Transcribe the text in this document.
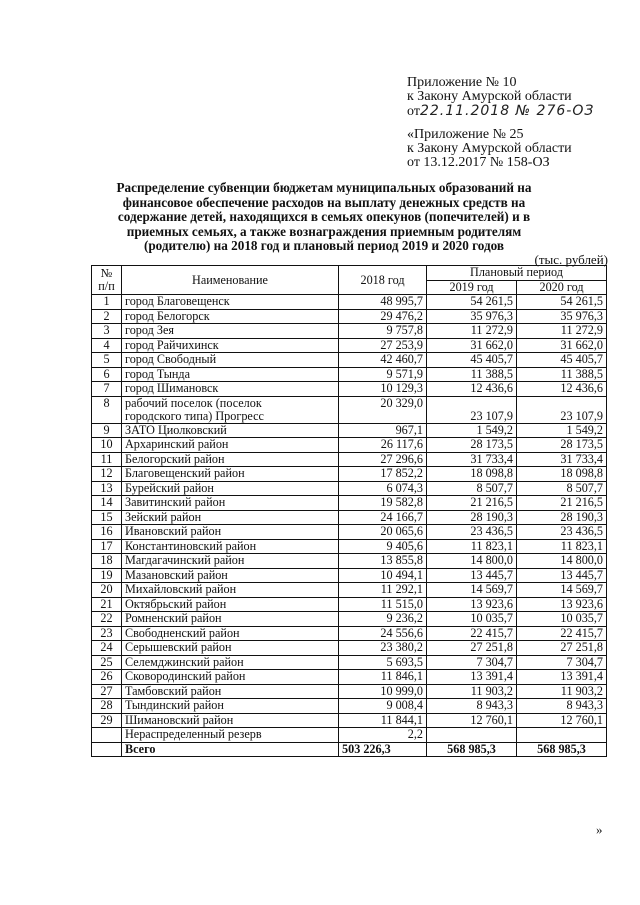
Приложение № 10
к Закону Амурской области
от22.11.2018 № 276-ОЗ
«Приложение № 25
к Закону Амурской области
от 13.12.2017 № 158-ОЗ
Распределение субвенции бюджетам муниципальных образований на
финансовое обеспечение расходов на выплату денежных средств на
содержание детей, находящихся в семьях опекунов (попечителей) и в
приемных семьях, а также вознаграждения приемным родителям
(родителю) на 2018 год и плановый период 2019 и 2020 годов
(тыс. рублей)
№
п/п	Наименование	2018 год	Плановый период	
			2019 год	2020 год
1	город Благовещенск	48 995,7	54 261,5	54 261,5
2	город Белогорск	29 476,2	35 976,3	35 976,3
3	город Зея	9 757,8	11 272,9	11 272,9
4	город Райчихинск	27 253,9	31 662,0	31 662,0
5	город Свободный	42 460,7	45 405,7	45 405,7
6	город Тында	9 571,9	11 388,5	11 388,5
7	город Шимановск	10 129,3	12 436,6	12 436,6
8	рабочий поселок (поселок
городского типа) Прогресс	20 329,0	23 107,9	23 107,9
9	ЗАТО Циолковский	967,1	1 549,2	1 549,2
10	Архаринский район	26 117,6	28 173,5	28 173,5
11	Белогорский район	27 296,6	31 733,4	31 733,4
12	Благовещенский район	17 852,2	18 098,8	18 098,8
13	Бурейский район	6 074,3	8 507,7	8 507,7
14	Завитинский район	19 582,8	21 216,5	21 216,5
15	Зейский район	24 166,7	28 190,3	28 190,3
16	Ивановский район	20 065,6	23 436,5	23 436,5
17	Константиновский район	9 405,6	11 823,1	11 823,1
18	Магдагачинский район	13 855,8	14 800,0	14 800,0
19	Мазановский район	10 494,1	13 445,7	13 445,7
20	Михайловский район	11 292,1	14 569,7	14 569,7
21	Октябрьский район	11 515,0	13 923,6	13 923,6
22	Ромненский район	9 236,2	10 035,7	10 035,7
23	Свободненский район	24 556,6	22 415,7	22 415,7
24	Серышевский район	23 380,2	27 251,8	27 251,8
25	Селемджинский район	5 693,5	7 304,7	7 304,7
26	Сковородинский район	11 846,1	13 391,4	13 391,4
27	Тамбовский район	10 999,0	11 903,2	11 903,2
28	Тындинский район	9 008,4	8 943,3	8 943,3
29	Шимановский район	11 844,1	12 760,1	12 760,1
	Нераспределенный резерв	2,2		
	Всего	503 226,3	568 985,3	568 985,3
»
